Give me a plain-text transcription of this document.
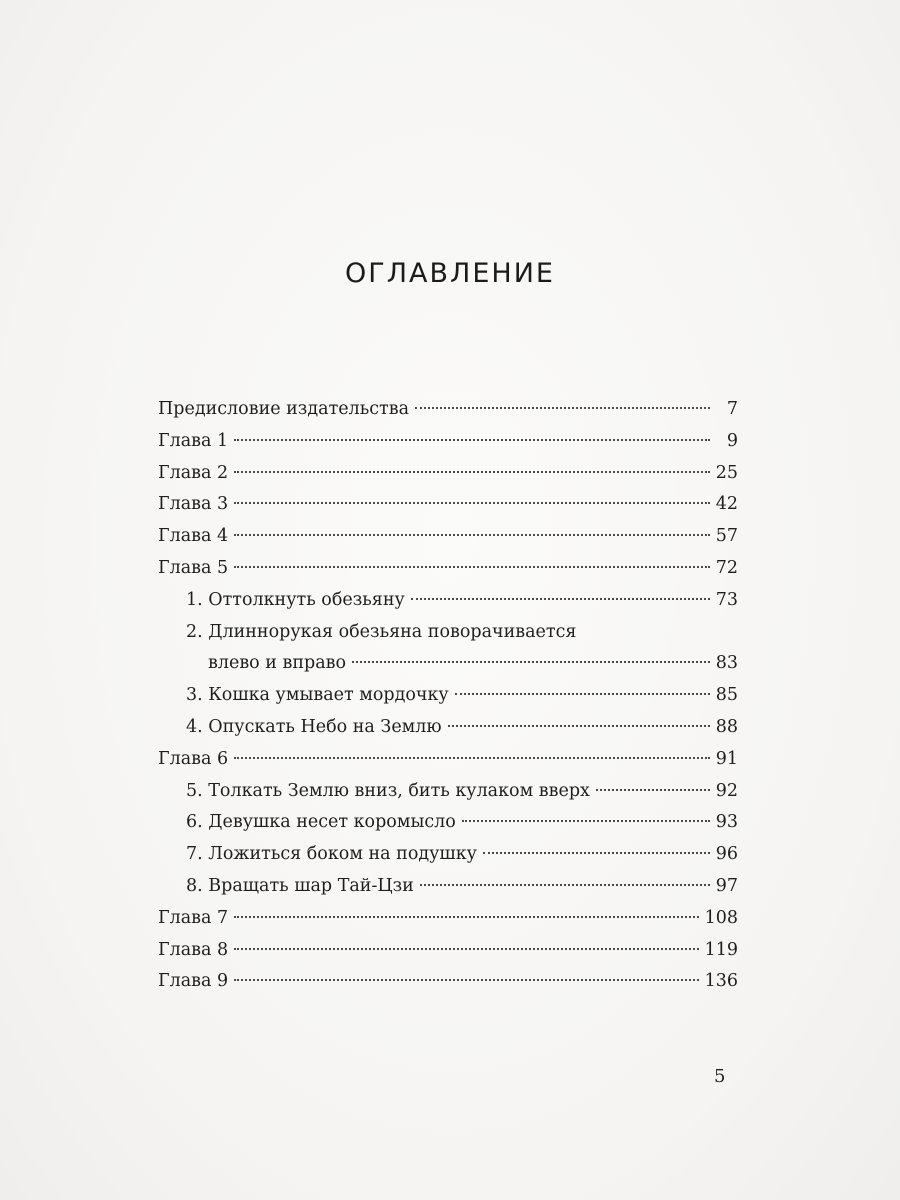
ОГЛАВЛЕНИЕ
Предисловие издательства	7
Глава 1	9
Глава 2	25
Глава 3	42
Глава 4	57
Глава 5	72
1. Оттолкнуть обезьяну	73
2. Длиннорукая обезьяна поворачивается
влево и вправо	83
3. Кошка умывает мордочку	85
4. Опускать Небо на Землю	88
Глава 6	91
5. Толкать Землю вниз, бить кулаком вверх	92
6. Девушка несет коромысло	93
7. Ложиться боком на подушку	96
8. Вращать шар Тай-Цзи	97
Глава 7	108
Глава 8	119
Глава 9	136
5
